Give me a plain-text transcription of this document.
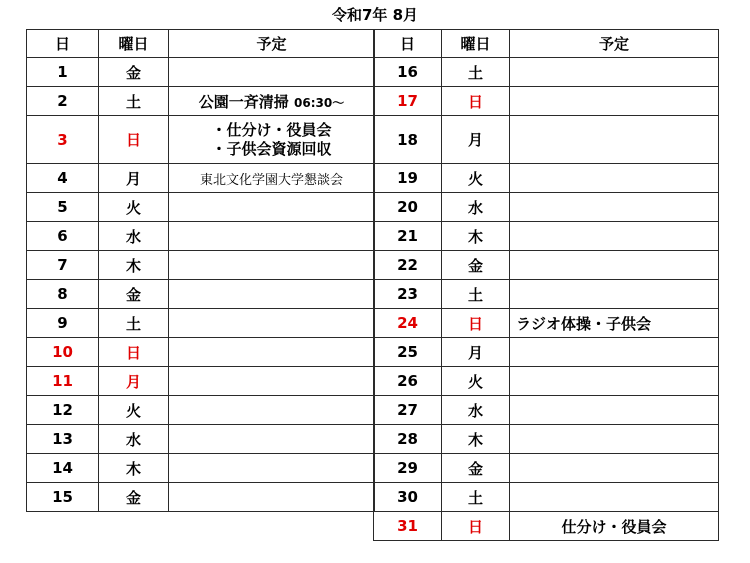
令和7年 8月
日	曜日	予定
1	金	
2	土	公園一斉清掃 06:30〜
3	日	・仕分け・役員会
・子供会資源回収

4	月	東北文化学園大学懇談会
5	火	
6	水	
7	木	
8	金	
9	土	
10	日	
11	月	
12	火	
13	水	
14	木	
15	金	
日	曜日	予定
16	土	
17	日	
18	月	
19	火	
20	水	
21	木	
22	金	
23	土	
24	日	ラジオ体操・子供会
25	月	
26	火	
27	水	
28	木	
29	金	
30	土	
31	日	仕分け・役員会
